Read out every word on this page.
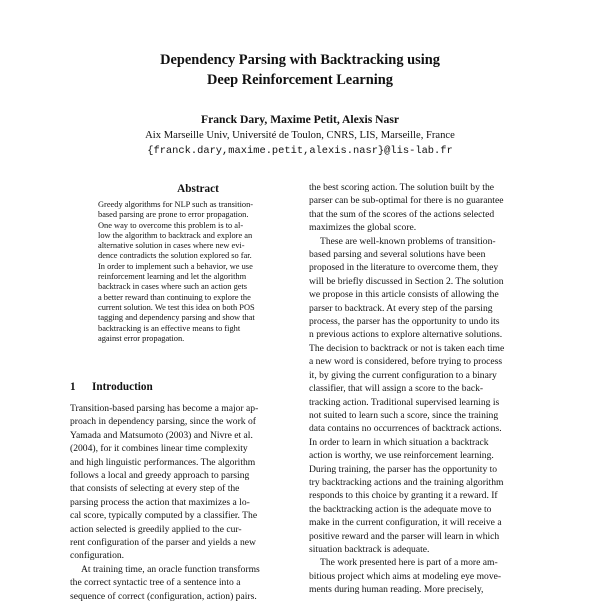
Dependency Parsing with Backtracking using
Deep Reinforcement Learning
Franck Dary, Maxime Petit, Alexis Nasr
Aix Marseille Univ, Université de Toulon, CNRS, LIS, Marseille, France
{franck.dary,maxime.petit,alexis.nasr}@lis-lab.fr
Abstract
Greedy algorithms for NLP such as transition-
based parsing are prone to error propagation.
One way to overcome this problem is to al-
low the algorithm to backtrack and explore an
alternative solution in cases where new evi-
dence contradicts the solution explored so far.
In order to implement such a behavior, we use
reinforcement learning and let the algorithm
backtrack in cases where such an action gets
a better reward than continuing to explore the
current solution. We test this idea on both POS
tagging and dependency parsing and show that
backtracking is an effective means to fight
against error propagation.
1 Introduction
Transition-based parsing has become a major ap-
proach in dependency parsing, since the work of
Yamada and Matsumoto (2003) and Nivre et al.
(2004), for it combines linear time complexity
and high linguistic performances. The algorithm
follows a local and greedy approach to parsing
that consists of selecting at every step of the
parsing process the action that maximizes a lo-
cal score, typically computed by a classifier. The
action selected is greedily applied to the cur-
rent configuration of the parser and yields a new
configuration.
At training time, an oracle function transforms
the correct syntactic tree of a sentence into a
sequence of correct (configuration, action) pairs.
the best scoring action. The solution built by the
parser can be sub-optimal for there is no guarantee
that the sum of the scores of the actions selected
maximizes the global score.
These are well-known problems of transition-
based parsing and several solutions have been
proposed in the literature to overcome them, they
will be briefly discussed in Section 2. The solution
we propose in this article consists of allowing the
parser to backtrack. At every step of the parsing
process, the parser has the opportunity to undo its
n previous actions to explore alternative solutions.
The decision to backtrack or not is taken each time
a new word is considered, before trying to process
it, by giving the current configuration to a binary
classifier, that will assign a score to the back-
tracking action. Traditional supervised learning is
not suited to learn such a score, since the training
data contains no occurrences of backtrack actions.
In order to learn in which situation a backtrack
action is worthy, we use reinforcement learning.
During training, the parser has the opportunity to
try backtracking actions and the training algorithm
responds to this choice by granting it a reward. If
the backtracking action is the adequate move to
make in the current configuration, it will receive a
positive reward and the parser will learn in which
situation backtrack is adequate.
The work presented here is part of a more am-
bitious project which aims at modeling eye move-
ments during human reading. More precisely,
